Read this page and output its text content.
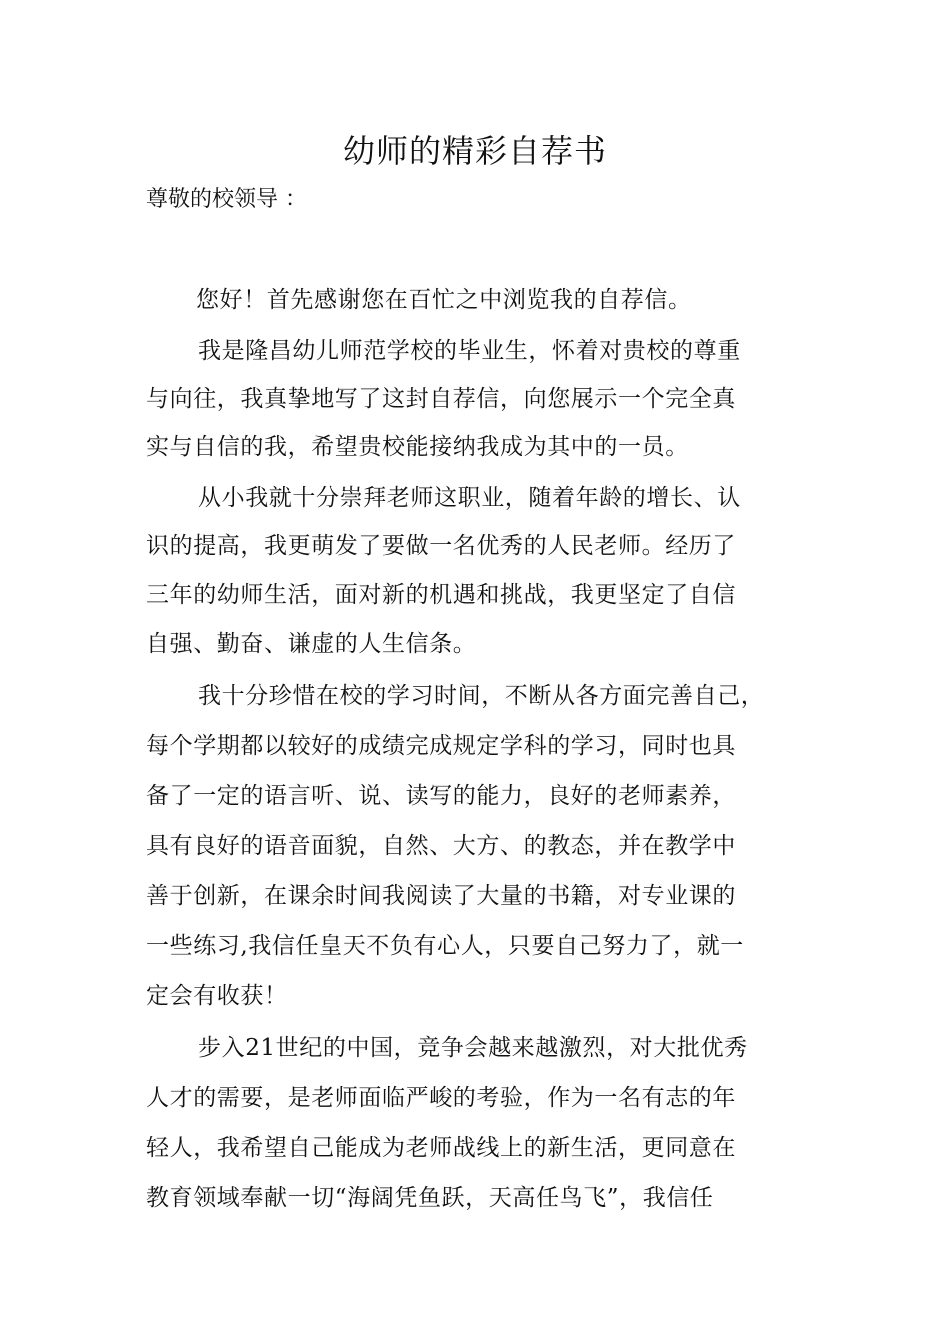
幼师的精彩自荐书

尊敬的校领导 ：

您好！首先感谢您在百忙之中浏览我的自荐信。

我是隆昌幼儿师范学校的毕业生，怀着对贵校的尊重

与向往，我真挚地写了这封自荐信，向您展示一个完全真

实与自信的我，希望贵校能接纳我成为其中的一员。

从小我就十分崇拜老师这职业，随着年龄的增长、认

识的提高，我更萌发了要做一名优秀的人民老师。经历了

三年的幼师生活，面对新的机遇和挑战，我更坚定了自信

自强、勤奋、谦虚的人生信条。

我十分珍惜在校的学习时间，不断从各方面完善自己，

每个学期都以较好的成绩完成规定学科的学习，同时也具

备了一定的语言听、说、读写的能力，良好的老师素养，

具有良好的语音面貌，自然、大方、的教态，并在教学中

善于创新，在课余时间我阅读了大量的书籍，对专业课的

一些练习,我信任皇天不负有心人，只要自己努力了，就一

定会有收获！

步入21世纪的中国，竞争会越来越激烈，对大批优秀

人才的需要，是老师面临严峻的考验，作为一名有志的年

轻人，我希望自己能成为老师战线上的新生活，更同意在

教育领域奉献一切“海阔凭鱼跃，天高任鸟飞”，我信任
